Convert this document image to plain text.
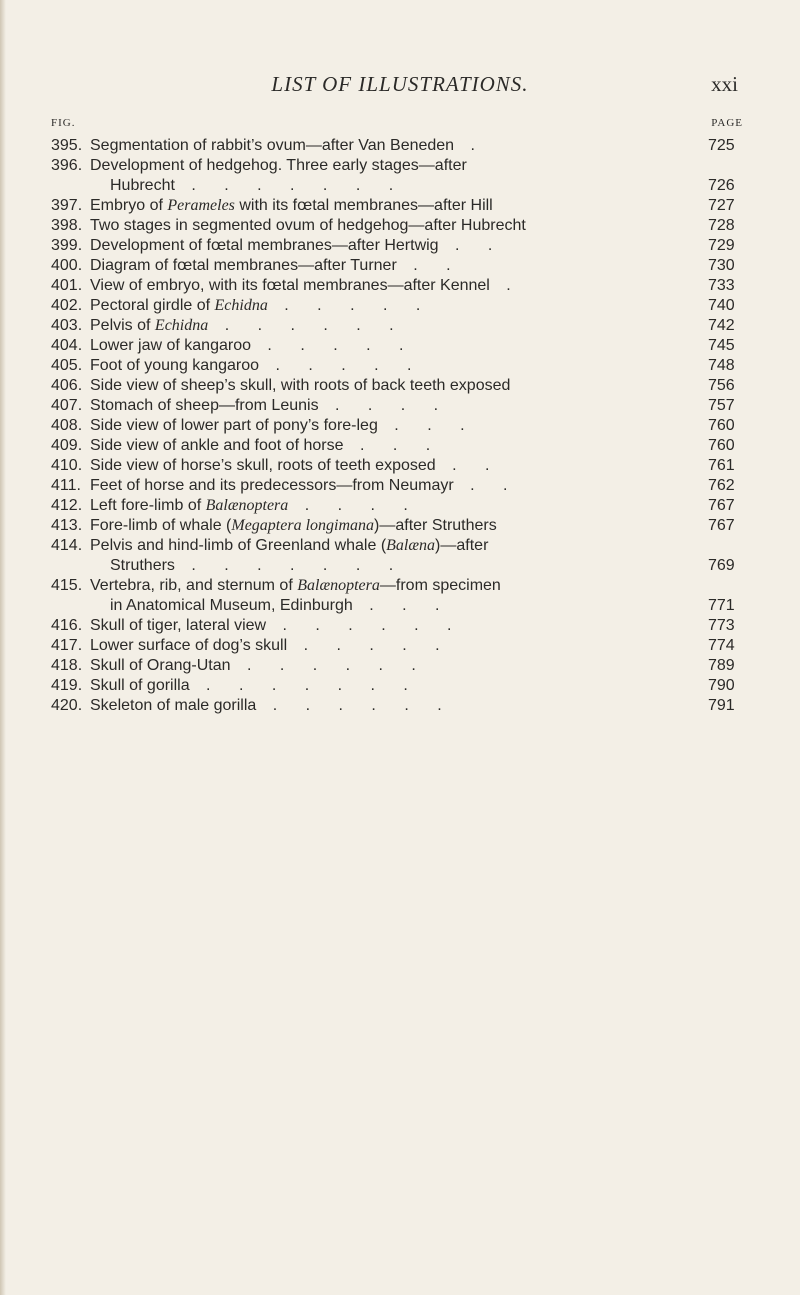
LIST OF ILLUSTRATIONS.	xxi
FIG.	PAGE
395. Segmentation of rabbit’s ovum—after Van Beneden .	725
396. Development of hedgehog. Three early stages—after
Hubrecht . . . . . . .	726
397. Embryo of Perameles with its fœtal membranes—after Hill	727
398. Two stages in segmented ovum of hedgehog—after Hubrecht	728
399. Development of fœtal membranes—after Hertwig . .	729
400. Diagram of fœtal membranes—after Turner . .	730
401. View of embryo, with its fœtal membranes—after Kennel .	733
402. Pectoral girdle of Echidna . . . . .	740
403. Pelvis of Echidna . . . . . .	742
404. Lower jaw of kangaroo . . . . .	745
405. Foot of young kangaroo . . . . .	748
406. Side view of sheep’s skull, with roots of back teeth exposed	756
407. Stomach of sheep—from Leunis . . . .	757
408. Side view of lower part of pony’s fore-leg . . .	760
409. Side view of ankle and foot of horse . . .	760
410. Side view of horse’s skull, roots of teeth exposed . .	761
411. Feet of horse and its predecessors—from Neumayr . .	762
412. Left fore-limb of Balænoptera . . . .	767
413. Fore-limb of whale (Megaptera longimana)—after Struthers	767
414. Pelvis and hind-limb of Greenland whale (Balæna)—after
Struthers . . . . . . .	769
415. Vertebra, rib, and sternum of Balænoptera—from specimen
in Anatomical Museum, Edinburgh . . .	771
416. Skull of tiger, lateral view . . . . . .	773
417. Lower surface of dog’s skull . . . . .	774
418. Skull of Orang-Utan . . . . . .	789
419. Skull of gorilla . . . . . . .	790
420. Skeleton of male gorilla . . . . . .	791
